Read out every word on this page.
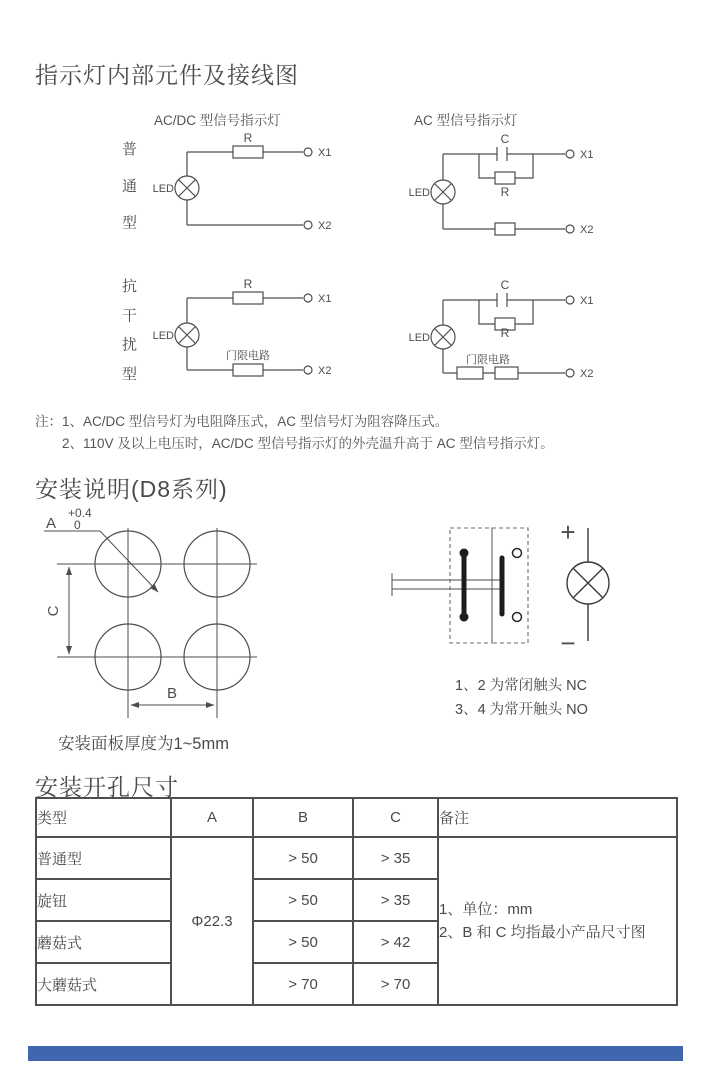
指示灯内部元件及接线图
AC/DC 型信号指示灯	AC 型信号指示灯
普通型
抗干扰型
R
LED
X1
X2
C
R
LED
X1
X2
R
门限电路
LED
X1
X2
C
R
门限电路
LED
X1
X2
A
+0.4
0
B
C
+
−
注：1、AC/DC 型信号灯为电阻降压式，AC 型信号灯为阻容降压式。
2、110V 及以上电压时，AC/DC 型信号指示灯的外壳温升高于 AC 型信号指示灯。
安装说明(D8系列)
1、2 为常闭触头 NC
3、4 为常开触头 NO
安装面板厚度为1~5mm
安装开孔尺寸
类型	A	B	C	备注
普通型	Φ22.3	> 50	> 35	1、单位：mm
2、B 和 C 均指最小产品尺寸图

旋钮		> 50	> 35	
蘑菇式		> 50	> 42	
大蘑菇式		> 70	> 70	
